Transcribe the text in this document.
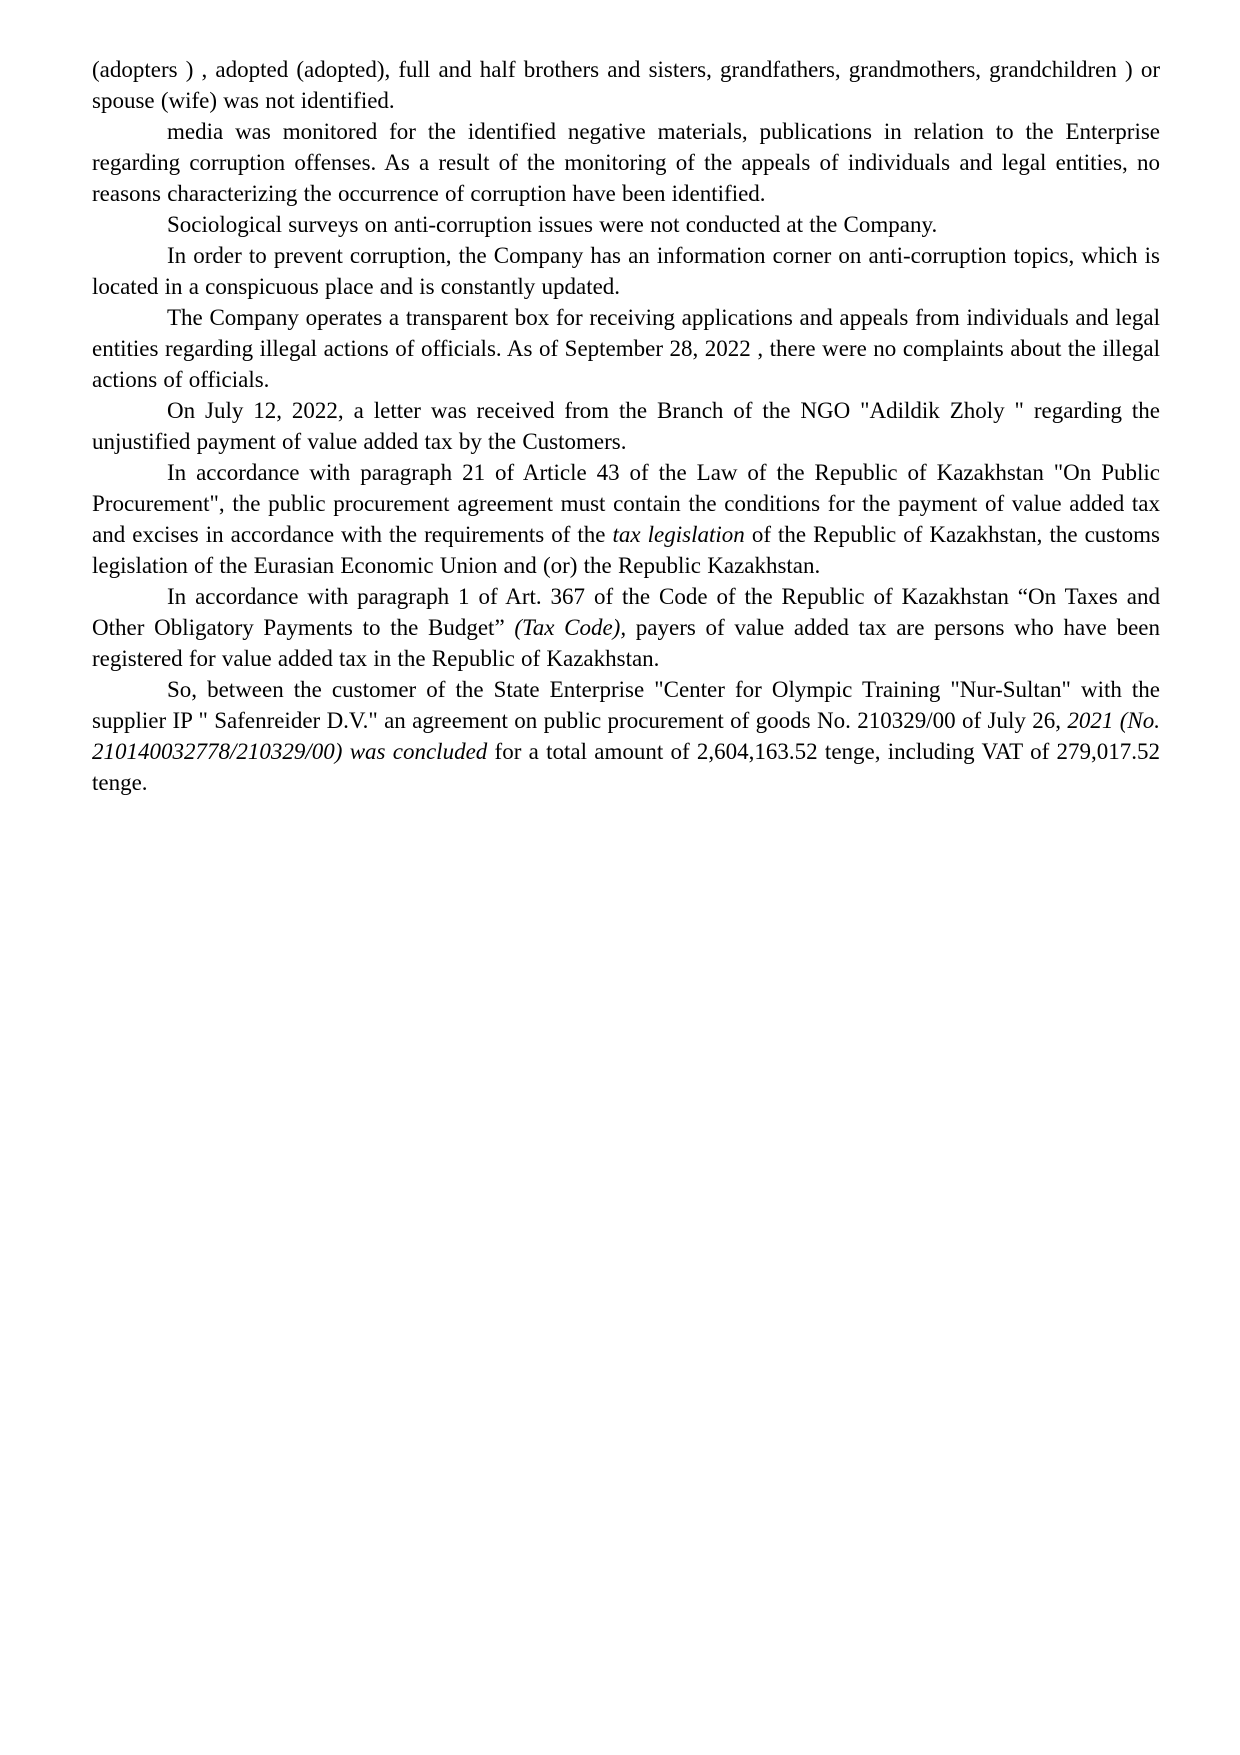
(adopters ) , adopted (adopted), full and half brothers and sisters, grandfathers, grandmothers, grandchildren ) or spouse (wife) was not identified.

media was monitored for the identified negative materials, publications in relation to the Enterprise regarding corruption offenses. As a result of the monitoring of the appeals of individuals and legal entities, no reasons characterizing the occurrence of corruption have been identified.

Sociological surveys on anti-corruption issues were not conducted at the Company.

In order to prevent corruption, the Company has an information corner on anti-corruption topics, which is located in a conspicuous place and is constantly updated.

The Company operates a transparent box for receiving applications and appeals from individuals and legal entities regarding illegal actions of officials. As of September 28, 2022 , there were no complaints about the illegal actions of officials.

On July 12, 2022, a letter was received from the Branch of the NGO "Adildik Zholy " regarding the unjustified payment of value added tax by the Customers.

In accordance with paragraph 21 of Article 43 of the Law of the Republic of Kazakhstan "On Public Procurement", the public procurement agreement must contain the conditions for the payment of value added tax and excises in accordance with the requirements of the tax legislation of the Republic of Kazakhstan, the customs legislation of the Eurasian Economic Union and (or) the Republic Kazakhstan.

In accordance with paragraph 1 of Art. 367 of the Code of the Republic of Kazakhstan “On Taxes and Other Obligatory Payments to the Budget” (Tax Code), payers of value added tax are persons who have been registered for value added tax in the Republic of Kazakhstan.

So, between the customer of the State Enterprise "Center for Olympic Training "Nur-Sultan" with the supplier IP " Safenreider D.V." an agreement on public procurement of goods No. 210329/00 of July 26, 2021 (No. 210140032778/210329/00) was concluded for a total amount of 2,604,163.52 tenge, including VAT of 279,017.52 tenge.
